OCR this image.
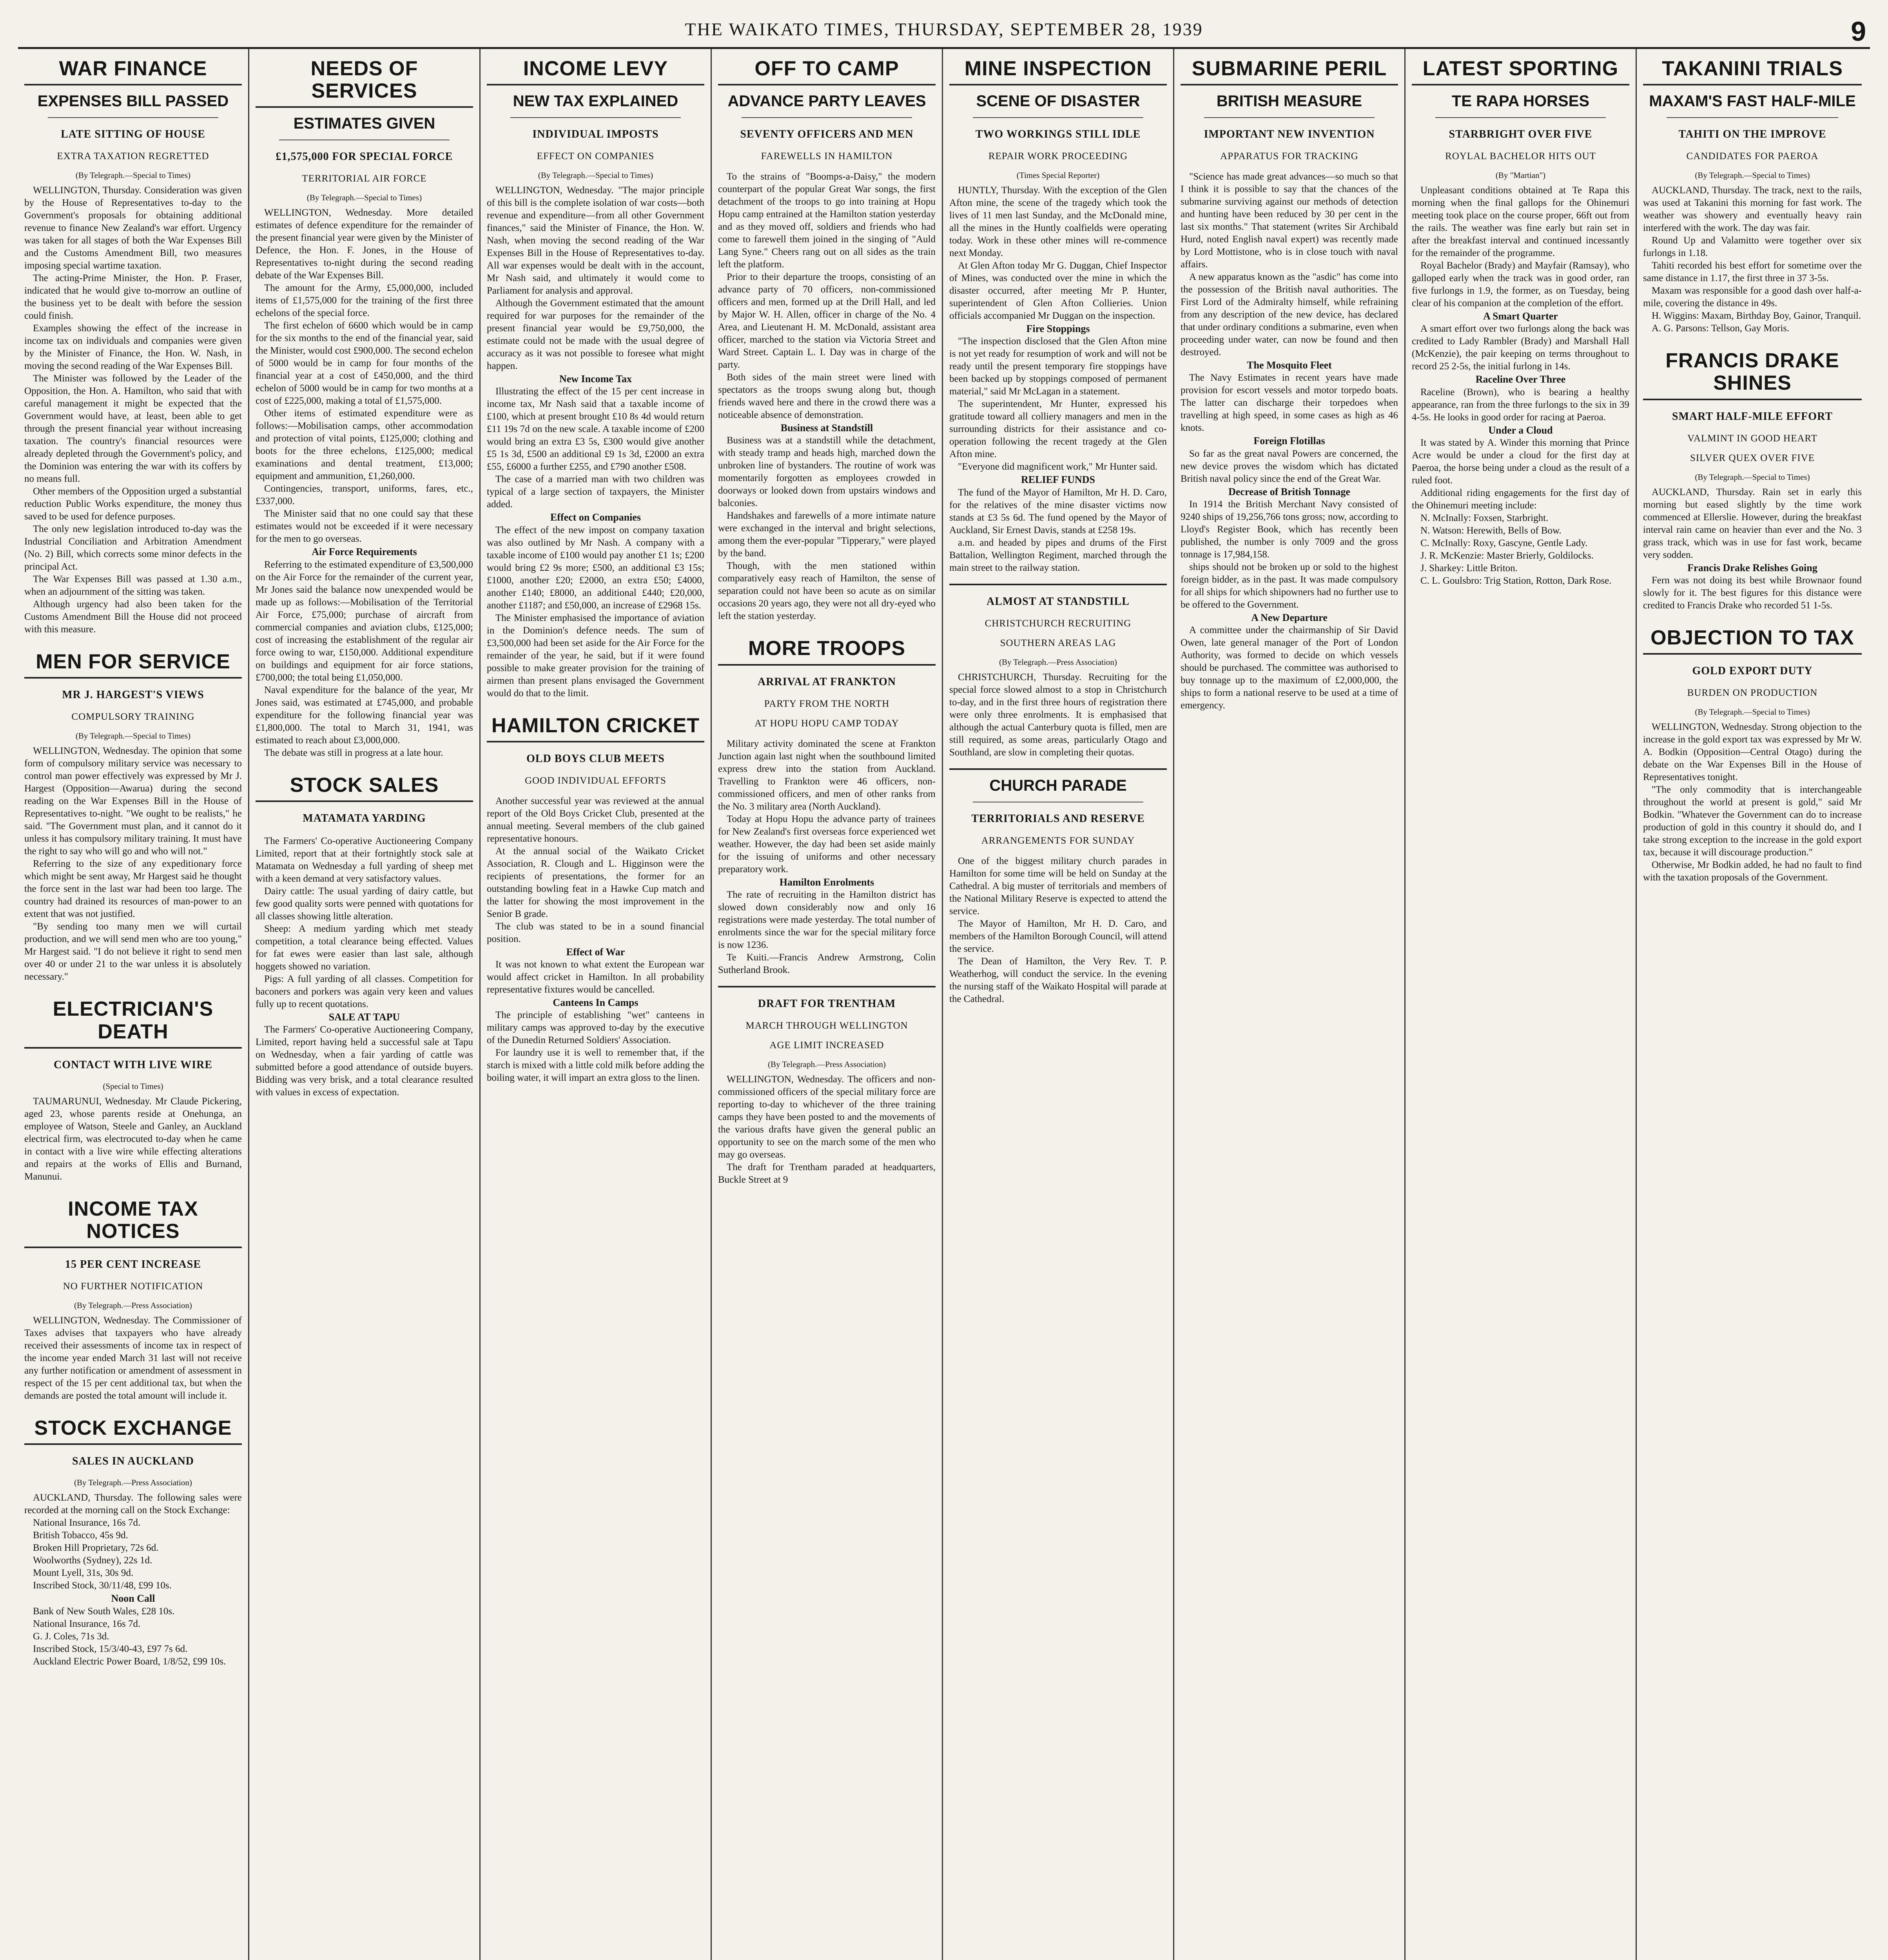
THE WAIKATO TIMES, THURSDAY, SEPTEMBER 28, 1939	9
WAR FINANCE
EXPENSES BILL PASSED
LATE SITTING OF HOUSE
EXTRA TAXATION REGRETTED
(By Telegraph.—Special to Times)

WELLINGTON, Thursday. Consideration was given by the House of Representatives to-day to the Government's proposals for obtaining additional revenue to finance New Zealand's war effort. Urgency was taken for all stages of both the War Expenses Bill and the Customs Amendment Bill, two measures imposing special wartime taxation.

The acting-Prime Minister, the Hon. P. Fraser, indicated that he would give to-morrow an outline of the business yet to be dealt with before the session could finish.

Examples showing the effect of the increase in income tax on individuals and companies were given by the Minister of Finance, the Hon. W. Nash, in moving the second reading of the War Expenses Bill.

The Minister was followed by the Leader of the Opposition, the Hon. A. Hamilton, who said that with careful management it might be expected that the Government would have, at least, been able to get through the present financial year without increasing taxation. The country's financial resources were already depleted through the Government's policy, and the Dominion was entering the war with its coffers by no means full.

Other members of the Opposition urged a substantial reduction Public Works expenditure, the money thus saved to be used for defence purposes.

The only new legislation introduced to-day was the Industrial Conciliation and Arbitration Amendment (No. 2) Bill, which corrects some minor defects in the principal Act.

The War Expenses Bill was passed at 1.30 a.m., when an adjournment of the sitting was taken.

Although urgency had also been taken for the Customs Amendment Bill the House did not proceed with this measure.

MEN FOR SERVICE
MR J. HARGEST'S VIEWS
COMPULSORY TRAINING
(By Telegraph.—Special to Times)

WELLINGTON, Wednesday. The opinion that some form of compulsory military service was necessary to control man power effectively was expressed by Mr J. Hargest (Opposition—Awarua) during the second reading on the War Expenses Bill in the House of Representatives to-night. "We ought to be realists," he said. "The Government must plan, and it cannot do it unless it has compulsory military training. It must have the right to say who will go and who will not."

Referring to the size of any expeditionary force which might be sent away, Mr Hargest said he thought the force sent in the last war had been too large. The country had drained its resources of man-power to an extent that was not justified.

"By sending too many men we will curtail production, and we will send men who are too young," Mr Hargest said. "I do not believe it right to send men over 40 or under 21 to the war unless it is absolutely necessary."

ELECTRICIAN'S DEATH
CONTACT WITH LIVE WIRE
(Special to Times)

TAUMARUNUI, Wednesday. Mr Claude Pickering, aged 23, whose parents reside at Onehunga, an employee of Watson, Steele and Ganley, an Auckland electrical firm, was electrocuted to-day when he came in contact with a live wire while effecting alterations and repairs at the works of Ellis and Burnand, Manunui.

INCOME TAX NOTICES
15 PER CENT INCREASE
NO FURTHER NOTIFICATION
(By Telegraph.—Press Association)

WELLINGTON, Wednesday. The Commissioner of Taxes advises that taxpayers who have already received their assessments of income tax in respect of the income year ended March 31 last will not receive any further notification or amendment of assessment in respect of the 15 per cent additional tax, but when the demands are posted the total amount will include it.

STOCK EXCHANGE
SALES IN AUCKLAND
(By Telegraph.—Press Association)

AUCKLAND, Thursday. The following sales were recorded at the morning call on the Stock Exchange:

National Insurance, 16s 7d.

British Tobacco, 45s 9d.

Broken Hill Proprietary, 72s 6d.

Woolworths (Sydney), 22s 1d.

Mount Lyell, 31s, 30s 9d.

Inscribed Stock, 30/11/48, £99 10s.

Noon Call

Bank of New South Wales, £28 10s.

National Insurance, 16s 7d.

G. J. Coles, 71s 3d.

Inscribed Stock, 15/3/40-43, £97 7s 6d.

Auckland Electric Power Board, 1/8/52, £99 10s.

NEEDS OF SERVICES
ESTIMATES GIVEN
£1,575,000 FOR SPECIAL FORCE
TERRITORIAL AIR FORCE
(By Telegraph.—Special to Times)

WELLINGTON, Wednesday. More detailed estimates of defence expenditure for the remainder of the present financial year were given by the Minister of Defence, the Hon. F. Jones, in the House of Representatives to-night during the second reading debate of the War Expenses Bill.

The amount for the Army, £5,000,000, included items of £1,575,000 for the training of the first three echelons of the special force.

The first echelon of 6600 which would be in camp for the six months to the end of the financial year, said the Minister, would cost £900,000. The second echelon of 5000 would be in camp for four months of the financial year at a cost of £450,000, and the third echelon of 5000 would be in camp for two months at a cost of £225,000, making a total of £1,575,000.

Other items of estimated expenditure were as follows:—Mobilisation camps, other accommodation and protection of vital points, £125,000; clothing and boots for the three echelons, £125,000; medical examinations and dental treatment, £13,000; equipment and ammunition, £1,260,000.

Contingencies, transport, uniforms, fares, etc., £337,000.

The Minister said that no one could say that these estimates would not be exceeded if it were necessary for the men to go overseas.

Air Force Requirements

Referring to the estimated expenditure of £3,500,000 on the Air Force for the remainder of the current year, Mr Jones said the balance now unexpended would be made up as follows:—Mobilisation of the Territorial Air Force, £75,000; purchase of aircraft from commercial companies and aviation clubs, £125,000; cost of increasing the establishment of the regular air force owing to war, £150,000. Additional expenditure on buildings and equipment for air force stations, £700,000; the total being £1,050,000.

Naval expenditure for the balance of the year, Mr Jones said, was estimated at £745,000, and probable expenditure for the following financial year was £1,800,000. The total to March 31, 1941, was estimated to reach about £3,000,000.

The debate was still in progress at a late hour.

STOCK SALES
MATAMATA YARDING

The Farmers' Co-operative Auctioneering Company Limited, report that at their fortnightly stock sale at Matamata on Wednesday a full yarding of sheep met with a keen demand at very satisfactory values.

Dairy cattle: The usual yarding of dairy cattle, but few good quality sorts were penned with quotations for all classes showing little alteration.

Sheep: A medium yarding which met steady competition, a total clearance being effected. Values for fat ewes were easier than last sale, although hoggets showed no variation.

Pigs: A full yarding of all classes. Competition for baconers and porkers was again very keen and values fully up to recent quotations.

SALE AT TAPU

The Farmers' Co-operative Auctioneering Company, Limited, report having held a successful sale at Tapu on Wednesday, when a fair yarding of cattle was submitted before a good attendance of outside buyers. Bidding was very brisk, and a total clearance resulted with values in excess of expectation.

INCOME LEVY
NEW TAX EXPLAINED
INDIVIDUAL IMPOSTS
EFFECT ON COMPANIES
(By Telegraph.—Special to Times)

WELLINGTON, Wednesday. "The major principle of this bill is the complete isolation of war costs—both revenue and expenditure—from all other Government finances," said the Minister of Finance, the Hon. W. Nash, when moving the second reading of the War Expenses Bill in the House of Representatives to-day. All war expenses would be dealt with in the account, Mr Nash said, and ultimately it would come to Parliament for analysis and approval.

Although the Government estimated that the amount required for war purposes for the remainder of the present financial year would be £9,750,000, the estimate could not be made with the usual degree of accuracy as it was not possible to foresee what might happen.

New Income Tax

Illustrating the effect of the 15 per cent increase in income tax, Mr Nash said that a taxable income of £100, which at present brought £10 8s 4d would return £11 19s 7d on the new scale. A taxable income of £200 would bring an extra £3 5s, £300 would give another £5 1s 3d, £500 an additional £9 1s 3d, £2000 an extra £55, £6000 a further £255, and £790 another £508.

The case of a married man with two children was typical of a large section of taxpayers, the Minister added.

Effect on Companies

The effect of the new impost on company taxation was also outlined by Mr Nash. A company with a taxable income of £100 would pay another £1 1s; £200 would bring £2 9s more; £500, an additional £3 15s; £1000, another £20; £2000, an extra £50; £4000, another £140; £8000, an additional £440; £20,000, another £1187; and £50,000, an increase of £2968 15s.

The Minister emphasised the importance of aviation in the Dominion's defence needs. The sum of £3,500,000 had been set aside for the Air Force for the remainder of the year, he said, but if it were found possible to make greater provision for the training of airmen than present plans envisaged the Government would do that to the limit.

HAMILTON CRICKET
OLD BOYS CLUB MEETS
GOOD INDIVIDUAL EFFORTS

Another successful year was reviewed at the annual report of the Old Boys Cricket Club, presented at the annual meeting. Several members of the club gained representative honours.

At the annual social of the Waikato Cricket Association, R. Clough and L. Higginson were the recipients of presentations, the former for an outstanding bowling feat in a Hawke Cup match and the latter for showing the most improvement in the Senior B grade.

The club was stated to be in a sound financial position.

Effect of War

It was not known to what extent the European war would affect cricket in Hamilton. In all probability representative fixtures would be cancelled.

Canteens In Camps

The principle of establishing "wet" canteens in military camps was approved to-day by the executive of the Dunedin Returned Soldiers' Association.

For laundry use it is well to remember that, if the starch is mixed with a little cold milk before adding the boiling water, it will impart an extra gloss to the linen.

OFF TO CAMP
ADVANCE PARTY LEAVES
SEVENTY OFFICERS AND MEN
FAREWELLS IN HAMILTON

To the strains of "Boomps-a-Daisy," the modern counterpart of the popular Great War songs, the first detachment of the troops to go into training at Hopu Hopu camp entrained at the Hamilton station yesterday and as they moved off, soldiers and friends who had come to farewell them joined in the singing of "Auld Lang Syne." Cheers rang out on all sides as the train left the platform.

Prior to their departure the troops, consisting of an advance party of 70 officers, non-commissioned officers and men, formed up at the Drill Hall, and led by Major W. H. Allen, officer in charge of the No. 4 Area, and Lieutenant H. M. McDonald, assistant area officer, marched to the station via Victoria Street and Ward Street. Captain L. I. Day was in charge of the party.

Both sides of the main street were lined with spectators as the troops swung along but, though friends waved here and there in the crowd there was a noticeable absence of demonstration.

Business at Standstill

Business was at a standstill while the detachment, with steady tramp and heads high, marched down the unbroken line of bystanders. The routine of work was momentarily forgotten as employees crowded in doorways or looked down from upstairs windows and balconies.

Handshakes and farewells of a more intimate nature were exchanged in the interval and bright selections, among them the ever-popular "Tipperary," were played by the band.

Though, with the men stationed within comparatively easy reach of Hamilton, the sense of separation could not have been so acute as on similar occasions 20 years ago, they were not all dry-eyed who left the station yesterday.

MORE TROOPS
ARRIVAL AT FRANKTON
PARTY FROM THE NORTH
AT HOPU HOPU CAMP TODAY

Military activity dominated the scene at Frankton Junction again last night when the southbound limited express drew into the station from Auckland. Travelling to Frankton were 46 officers, non-commissioned officers, and men of other ranks from the No. 3 military area (North Auckland).

Today at Hopu Hopu the advance party of trainees for New Zealand's first overseas force experienced wet weather. However, the day had been set aside mainly for the issuing of uniforms and other necessary preparatory work.

Hamilton Enrolments

The rate of recruiting in the Hamilton district has slowed down considerably now and only 16 registrations were made yesterday. The total number of enrolments since the war for the special military force is now 1236.

Te Kuiti.—Francis Andrew Armstrong, Colin Sutherland Brook.

DRAFT FOR TRENTHAM
MARCH THROUGH WELLINGTON
AGE LIMIT INCREASED
(By Telegraph.—Press Association)

WELLINGTON, Wednesday. The officers and non-commissioned officers of the special military force are reporting to-day to whichever of the three training camps they have been posted to and the movements of the various drafts have given the general public an opportunity to see on the march some of the men who may go overseas.

The draft for Trentham paraded at headquarters, Buckle Street at 9

MINE INSPECTION
SCENE OF DISASTER
TWO WORKINGS STILL IDLE
REPAIR WORK PROCEEDING
(Times Special Reporter)

HUNTLY, Thursday. With the exception of the Glen Afton mine, the scene of the tragedy which took the lives of 11 men last Sunday, and the McDonald mine, all the mines in the Huntly coalfields were operating today. Work in these other mines will re-commence next Monday.

At Glen Afton today Mr G. Duggan, Chief Inspector of Mines, was conducted over the mine in which the disaster occurred, after meeting Mr P. Hunter, superintendent of Glen Afton Collieries. Union officials accompanied Mr Duggan on the inspection.

Fire Stoppings

"The inspection disclosed that the Glen Afton mine is not yet ready for resumption of work and will not be ready until the present temporary fire stoppings have been backed up by stoppings composed of permanent material," said Mr McLagan in a statement.

The superintendent, Mr Hunter, expressed his gratitude toward all colliery managers and men in the surrounding districts for their assistance and co-operation following the recent tragedy at the Glen Afton mine.

"Everyone did magnificent work," Mr Hunter said.

RELIEF FUNDS

The fund of the Mayor of Hamilton, Mr H. D. Caro, for the relatives of the mine disaster victims now stands at £3 5s 6d. The fund opened by the Mayor of Auckland, Sir Ernest Davis, stands at £258 19s.

a.m. and headed by pipes and drums of the First Battalion, Wellington Regiment, marched through the main street to the railway station.

ALMOST AT STANDSTILL
CHRISTCHURCH RECRUITING
SOUTHERN AREAS LAG
(By Telegraph.—Press Association)

CHRISTCHURCH, Thursday. Recruiting for the special force slowed almost to a stop in Christchurch to-day, and in the first three hours of registration there were only three enrolments. It is emphasised that although the actual Canterbury quota is filled, men are still required, as some areas, particularly Otago and Southland, are slow in completing their quotas.

CHURCH PARADE
TERRITORIALS AND RESERVE
ARRANGEMENTS FOR SUNDAY

One of the biggest military church parades in Hamilton for some time will be held on Sunday at the Cathedral. A big muster of territorials and members of the National Military Reserve is expected to attend the service.

The Mayor of Hamilton, Mr H. D. Caro, and members of the Hamilton Borough Council, will attend the service.

The Dean of Hamilton, the Very Rev. T. P. Weatherhog, will conduct the service. In the evening the nursing staff of the Waikato Hospital will parade at the Cathedral.

SUBMARINE PERIL
BRITISH MEASURE
IMPORTANT NEW INVENTION
APPARATUS FOR TRACKING

"Science has made great advances—so much so that I think it is possible to say that the chances of the submarine surviving against our methods of detection and hunting have been reduced by 30 per cent in the last six months." That statement (writes Sir Archibald Hurd, noted English naval expert) was recently made by Lord Mottistone, who is in close touch with naval affairs.

A new apparatus known as the "asdic" has come into the possession of the British naval authorities. The First Lord of the Admiralty himself, while refraining from any description of the new device, has declared that under ordinary conditions a submarine, even when proceeding under water, can now be found and then destroyed.

The Mosquito Fleet

The Navy Estimates in recent years have made provision for escort vessels and motor torpedo boats. The latter can discharge their torpedoes when travelling at high speed, in some cases as high as 46 knots.

Foreign Flotillas

So far as the great naval Powers are concerned, the new device proves the wisdom which has dictated British naval policy since the end of the Great War.

Decrease of British Tonnage

In 1914 the British Merchant Navy consisted of 9240 ships of 19,256,766 tons gross; now, according to Lloyd's Register Book, which has recently been published, the number is only 7009 and the gross tonnage is 17,984,158.

ships should not be broken up or sold to the highest foreign bidder, as in the past. It was made compulsory for all ships for which shipowners had no further use to be offered to the Government.

A New Departure

A committee under the chairmanship of Sir David Owen, late general manager of the Port of London Authority, was formed to decide on which vessels should be purchased. The committee was authorised to buy tonnage up to the maximum of £2,000,000, the ships to form a national reserve to be used at a time of emergency.

LATEST SPORTING
TE RAPA HORSES
STARBRIGHT OVER FIVE
ROYLAL BACHELOR HITS OUT
(By "Martian")

Unpleasant conditions obtained at Te Rapa this morning when the final gallops for the Ohinemuri meeting took place on the course proper, 66ft out from the rails. The weather was fine early but rain set in after the breakfast interval and continued incessantly for the remainder of the programme.

Royal Bachelor (Brady) and Mayfair (Ramsay), who galloped early when the track was in good order, ran five furlongs in 1.9, the former, as on Tuesday, being clear of his companion at the completion of the effort.

A Smart Quarter

A smart effort over two furlongs along the back was credited to Lady Rambler (Brady) and Marshall Hall (McKenzie), the pair keeping on terms throughout to record 25 2-5s, the initial furlong in 14s.

Raceline Over Three

Raceline (Brown), who is bearing a healthy appearance, ran from the three furlongs to the six in 39 4-5s. He looks in good order for racing at Paeroa.

Under a Cloud

It was stated by A. Winder this morning that Prince Acre would be under a cloud for the first day at Paeroa, the horse being under a cloud as the result of a ruled foot.

Additional riding engagements for the first day of the Ohinemuri meeting include:

N. McInally: Foxsen, Starbright.

N. Watson: Herewith, Bells of Bow.

C. McInally: Roxy, Gascyne, Gentle Lady.

J. R. McKenzie: Master Brierly, Goldilocks.

J. Sharkey: Little Briton.

C. L. Goulsbro: Trig Station, Rotton, Dark Rose.

TAKANINI TRIALS
MAXAM'S FAST HALF-MILE
TAHITI ON THE IMPROVE
CANDIDATES FOR PAEROA
(By Telegraph.—Special to Times)

AUCKLAND, Thursday. The track, next to the rails, was used at Takanini this morning for fast work. The weather was showery and eventually heavy rain interfered with the work. The day was fair.

Round Up and Valamitto were together over six furlongs in 1.18.

Tahiti recorded his best effort for sometime over the same distance in 1.17, the first three in 37 3-5s.

Maxam was responsible for a good dash over half-a-mile, covering the distance in 49s.

H. Wiggins: Maxam, Birthday Boy, Gainor, Tranquil.

A. G. Parsons: Tellson, Gay Moris.

FRANCIS DRAKE SHINES
SMART HALF-MILE EFFORT
VALMINT IN GOOD HEART
SILVER QUEX OVER FIVE
(By Telegraph.—Special to Times)

AUCKLAND, Thursday. Rain set in early this morning but eased slightly by the time work commenced at Ellerslie. However, during the breakfast interval rain came on heavier than ever and the No. 3 grass track, which was in use for fast work, became very sodden.

Francis Drake Relishes Going

Fern was not doing its best while Brownaor found slowly for it. The best figures for this distance were credited to Francis Drake who recorded 51 1-5s.

OBJECTION TO TAX
GOLD EXPORT DUTY
BURDEN ON PRODUCTION
(By Telegraph.—Special to Times)

WELLINGTON, Wednesday. Strong objection to the increase in the gold export tax was expressed by Mr W. A. Bodkin (Opposition—Central Otago) during the debate on the War Expenses Bill in the House of Representatives tonight.

"The only commodity that is interchangeable throughout the world at present is gold," said Mr Bodkin. "Whatever the Government can do to increase production of gold in this country it should do, and I take strong exception to the increase in the gold export tax, because it will discourage production."

Otherwise, Mr Bodkin added, he had no fault to find with the taxation proposals of the Government.
